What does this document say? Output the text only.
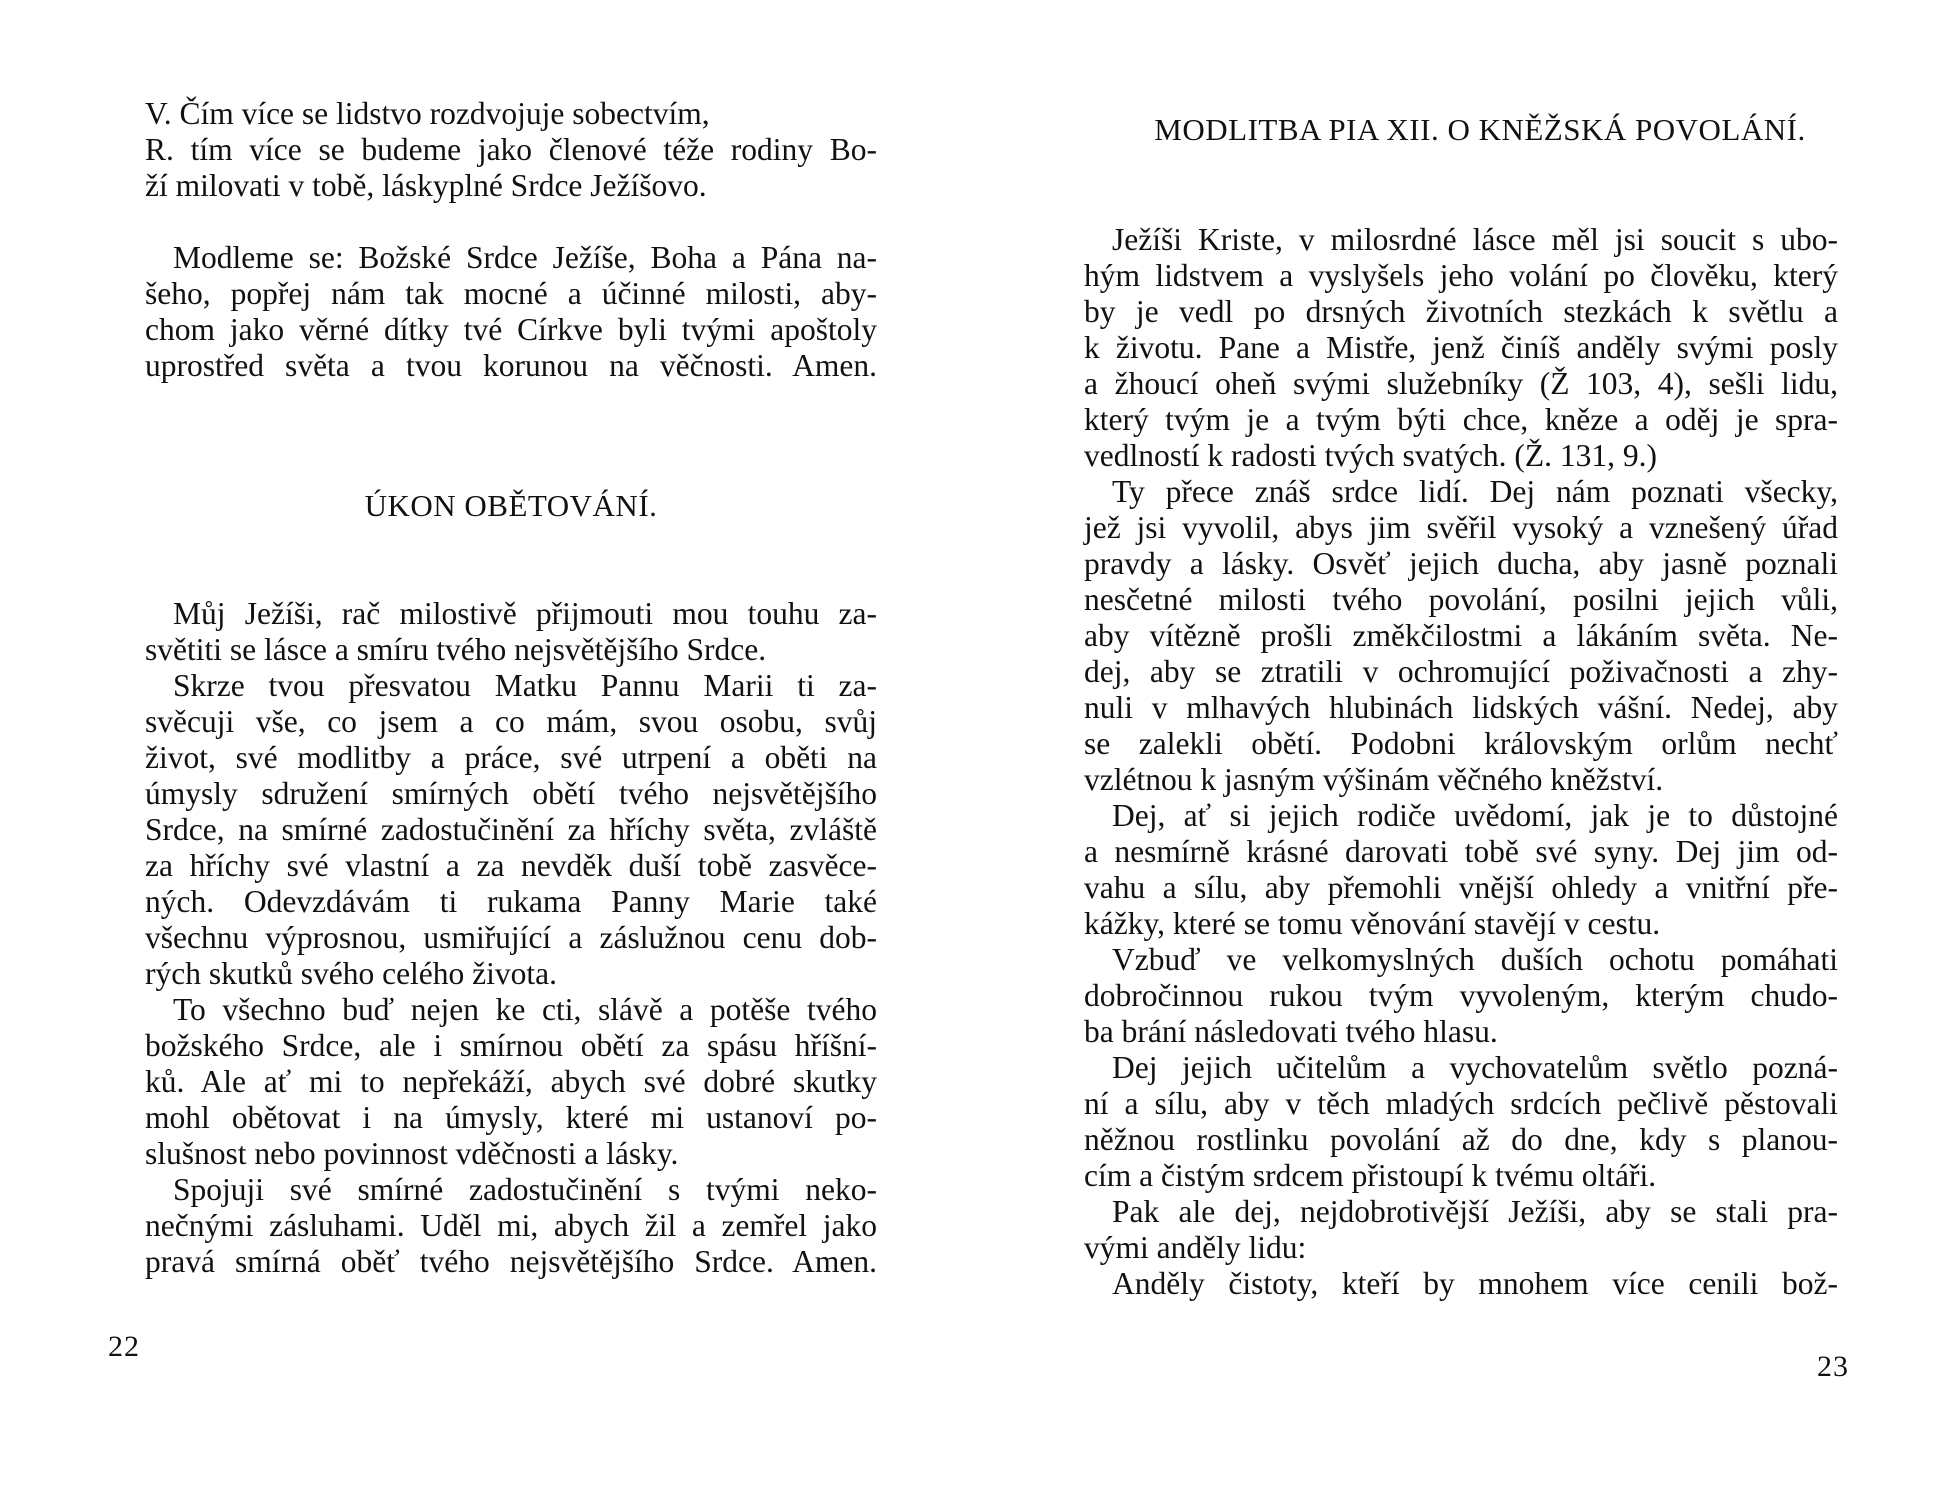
V. Čím více se lidstvo rozdvojuje sobectvím,
R. tím více se budeme jako členové téže rodiny Bo-
ží milovati v tobě, láskyplné Srdce Ježíšovo.
Modleme se: Božské Srdce Ježíše, Boha a Pána na-
šeho, popřej nám tak mocné a účinné milosti, aby-
chom jako věrné dítky tvé Církve byli tvými apoštoly
uprostřed světa a tvou korunou na věčnosti. Amen.
ÚKON OBĚTOVÁNÍ.
Můj Ježíši, rač milostivě přijmouti mou touhu za-
světiti se lásce a smíru tvého nejsvětějšího Srdce.
Skrze tvou přesvatou Matku Pannu Marii ti za-
svěcuji vše, co jsem a co mám, svou osobu, svůj
život, své modlitby a práce, své utrpení a oběti na
úmysly sdružení smírných obětí tvého nejsvětějšího
Srdce, na smírné zadostučinění za hříchy světa, zvláště
za hříchy své vlastní a za nevděk duší tobě zasvěce-
ných. Odevzdávám ti rukama Panny Marie také
všechnu výprosnou, usmiřující a záslužnou cenu dob-
rých skutků svého celého života.
To všechno buď nejen ke cti, slávě a potěše tvého
božského Srdce, ale i smírnou obětí za spásu hříšní-
ků. Ale ať mi to nepřekáží, abych své dobré skutky
mohl obětovat i na úmysly, které mi ustanoví po-
slušnost nebo povinnost vděčnosti a lásky.
Spojuji své smírné zadostučinění s tvými neko-
nečnými zásluhami. Uděl mi, abych žil a zemřel jako
pravá smírná oběť tvého nejsvětějšího Srdce. Amen.
22
MODLITBA PIA XII. O KNĚŽSKÁ POVOLÁNÍ.
Ježíši Kriste, v milosrdné lásce měl jsi soucit s ubo-
hým lidstvem a vyslyšels jeho volání po člověku, který
by je vedl po drsných životních stezkách k světlu a
k životu. Pane a Mistře, jenž činíš anděly svými posly
a žhoucí oheň svými služebníky (Ž 103, 4), sešli lidu,
který tvým je a tvým býti chce, kněze a oděj je spra-
vedlností k radosti tvých svatých. (Ž. 131, 9.)
Ty přece znáš srdce lidí. Dej nám poznati všecky,
jež jsi vyvolil, abys jim svěřil vysoký a vznešený úřad
pravdy a lásky. Osvěť jejich ducha, aby jasně poznali
nesčetné milosti tvého povolání, posilni jejich vůli,
aby vítězně prošli změkčilostmi a lákáním světa. Ne-
dej, aby se ztratili v ochromující poživačnosti a zhy-
nuli v mlhavých hlubinách lidských vášní. Nedej, aby
se zalekli obětí. Podobni královským orlům nechť
vzlétnou k jasným výšinám věčného kněžství.
Dej, ať si jejich rodiče uvědomí, jak je to důstojné
a nesmírně krásné darovati tobě své syny. Dej jim od-
vahu a sílu, aby přemohli vnější ohledy a vnitřní pře-
kážky, které se tomu věnování stavějí v cestu.
Vzbuď ve velkomyslných duších ochotu pomáhati
dobročinnou rukou tvým vyvoleným, kterým chudo-
ba brání následovati tvého hlasu.
Dej jejich učitelům a vychovatelům světlo pozná-
ní a sílu, aby v těch mladých srdcích pečlivě pěstovali
něžnou rostlinku povolání až do dne, kdy s planou-
cím a čistým srdcem přistoupí k tvému oltáři.
Pak ale dej, nejdobrotivější Ježíši, aby se stali pra-
vými anděly lidu:
Anděly čistoty, kteří by mnohem více cenili bož-
23
